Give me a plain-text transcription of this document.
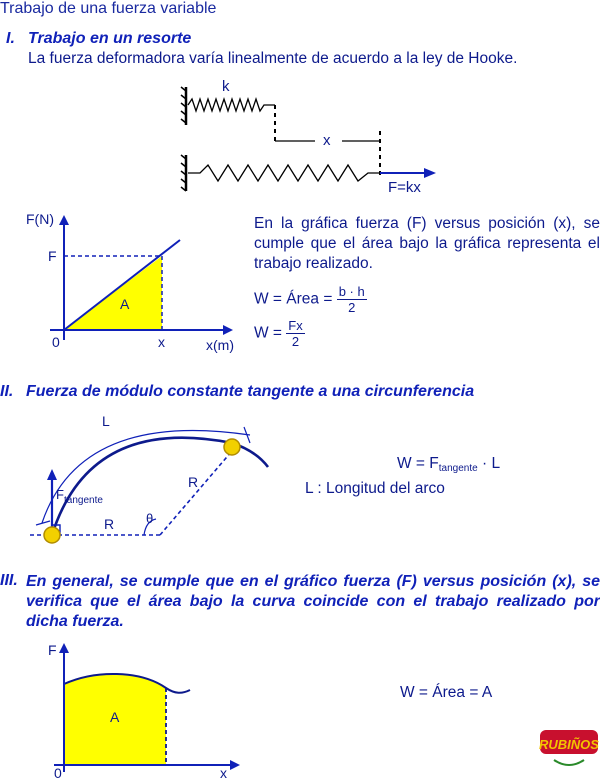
Trabajo de una fuerza variable
I. Trabajo en un resorte
La fuerza deformadora varía linealmente de acuerdo a la ley de Hooke.
k
x
F=kx
F(N)
F
0	x	x(m)
A
En la gráfica fuerza (F) versus posición (x), se cumple que el área bajo la gráfica representa el trabajo realizado.
W = Área = $\frac{b \cdot h}{2}$
$W = \frac{Fx}{2}$
II. Fuerza de módulo constante tangente a una circunferencia
L
θ
R
R
F tangente
$W = F_{tangente} \cdot L$
L : Longitud del arco
III. En general, se cumple que en el gráfico fuerza (F) versus posición (x), se verifica que el área bajo la curva coincide con el trabajo realizado por dicha fuerza.
F
0	x
A
W = Área = A
RUBIÑOS
